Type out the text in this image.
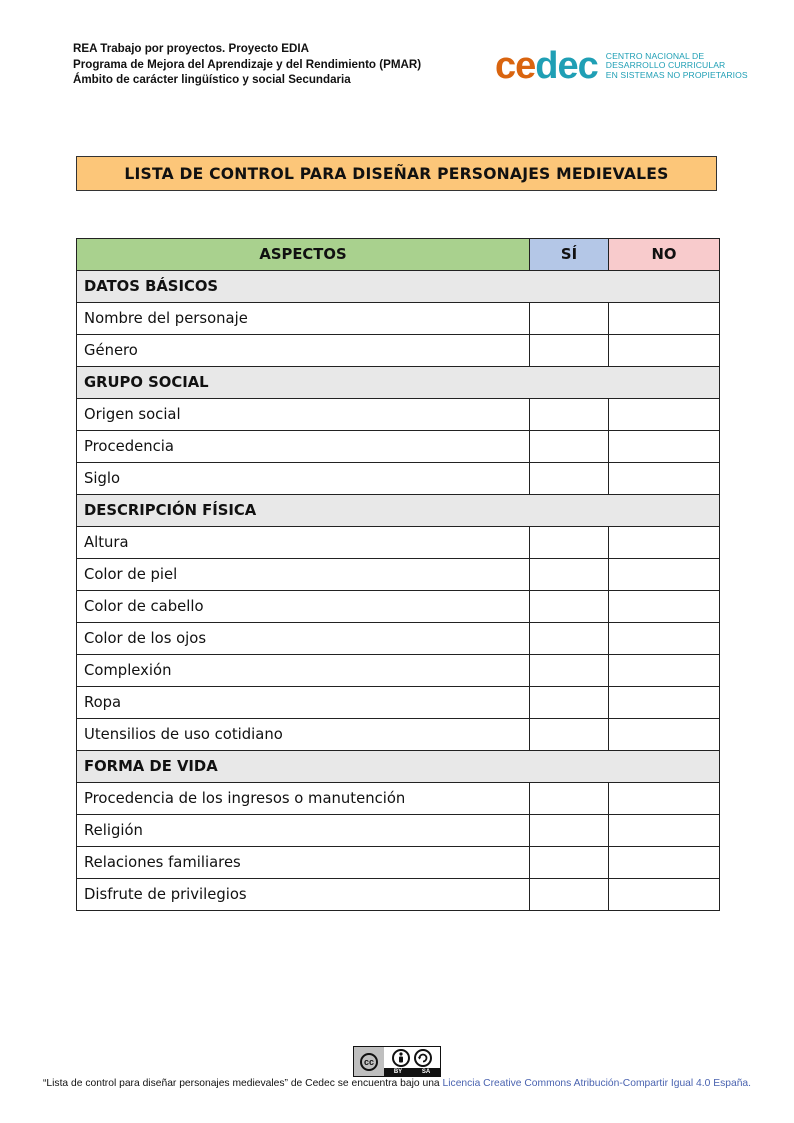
REA Trabajo por proyectos. Proyecto EDIA
Programa de Mejora del Aprendizaje y del Rendimiento (PMAR)
Ámbito de carácter lingüístico y social Secundaria	cedec CENTRO NACIONAL DE
DESARROLLO CURRICULAR
EN SISTEMAS NO PROPIETARIOS
LISTA DE CONTROL PARA DISEÑAR PERSONAJES MEDIEVALES
ASPECTOS	SÍ	NO
DATOS BÁSICOS		
Nombre del personaje		
Género		
GRUPO SOCIAL		
Origen social		
Procedencia		
Siglo		
DESCRIPCIÓN FÍSICA		
Altura		
Color de piel		
Color de cabello		
Color de los ojos		
Complexión		
Ropa		
Utensilios de uso cotidiano		
FORMA DE VIDA		
Procedencia de los ingresos o manutención		
Religión		
Relaciones familiares		
Disfrute de privilegios		
cc
BY	SA
“Lista de control para diseñar personajes medievales” de Cedec se encuentra bajo una Licencia Creative Commons Atribución-Compartir Igual 4.0 España.
